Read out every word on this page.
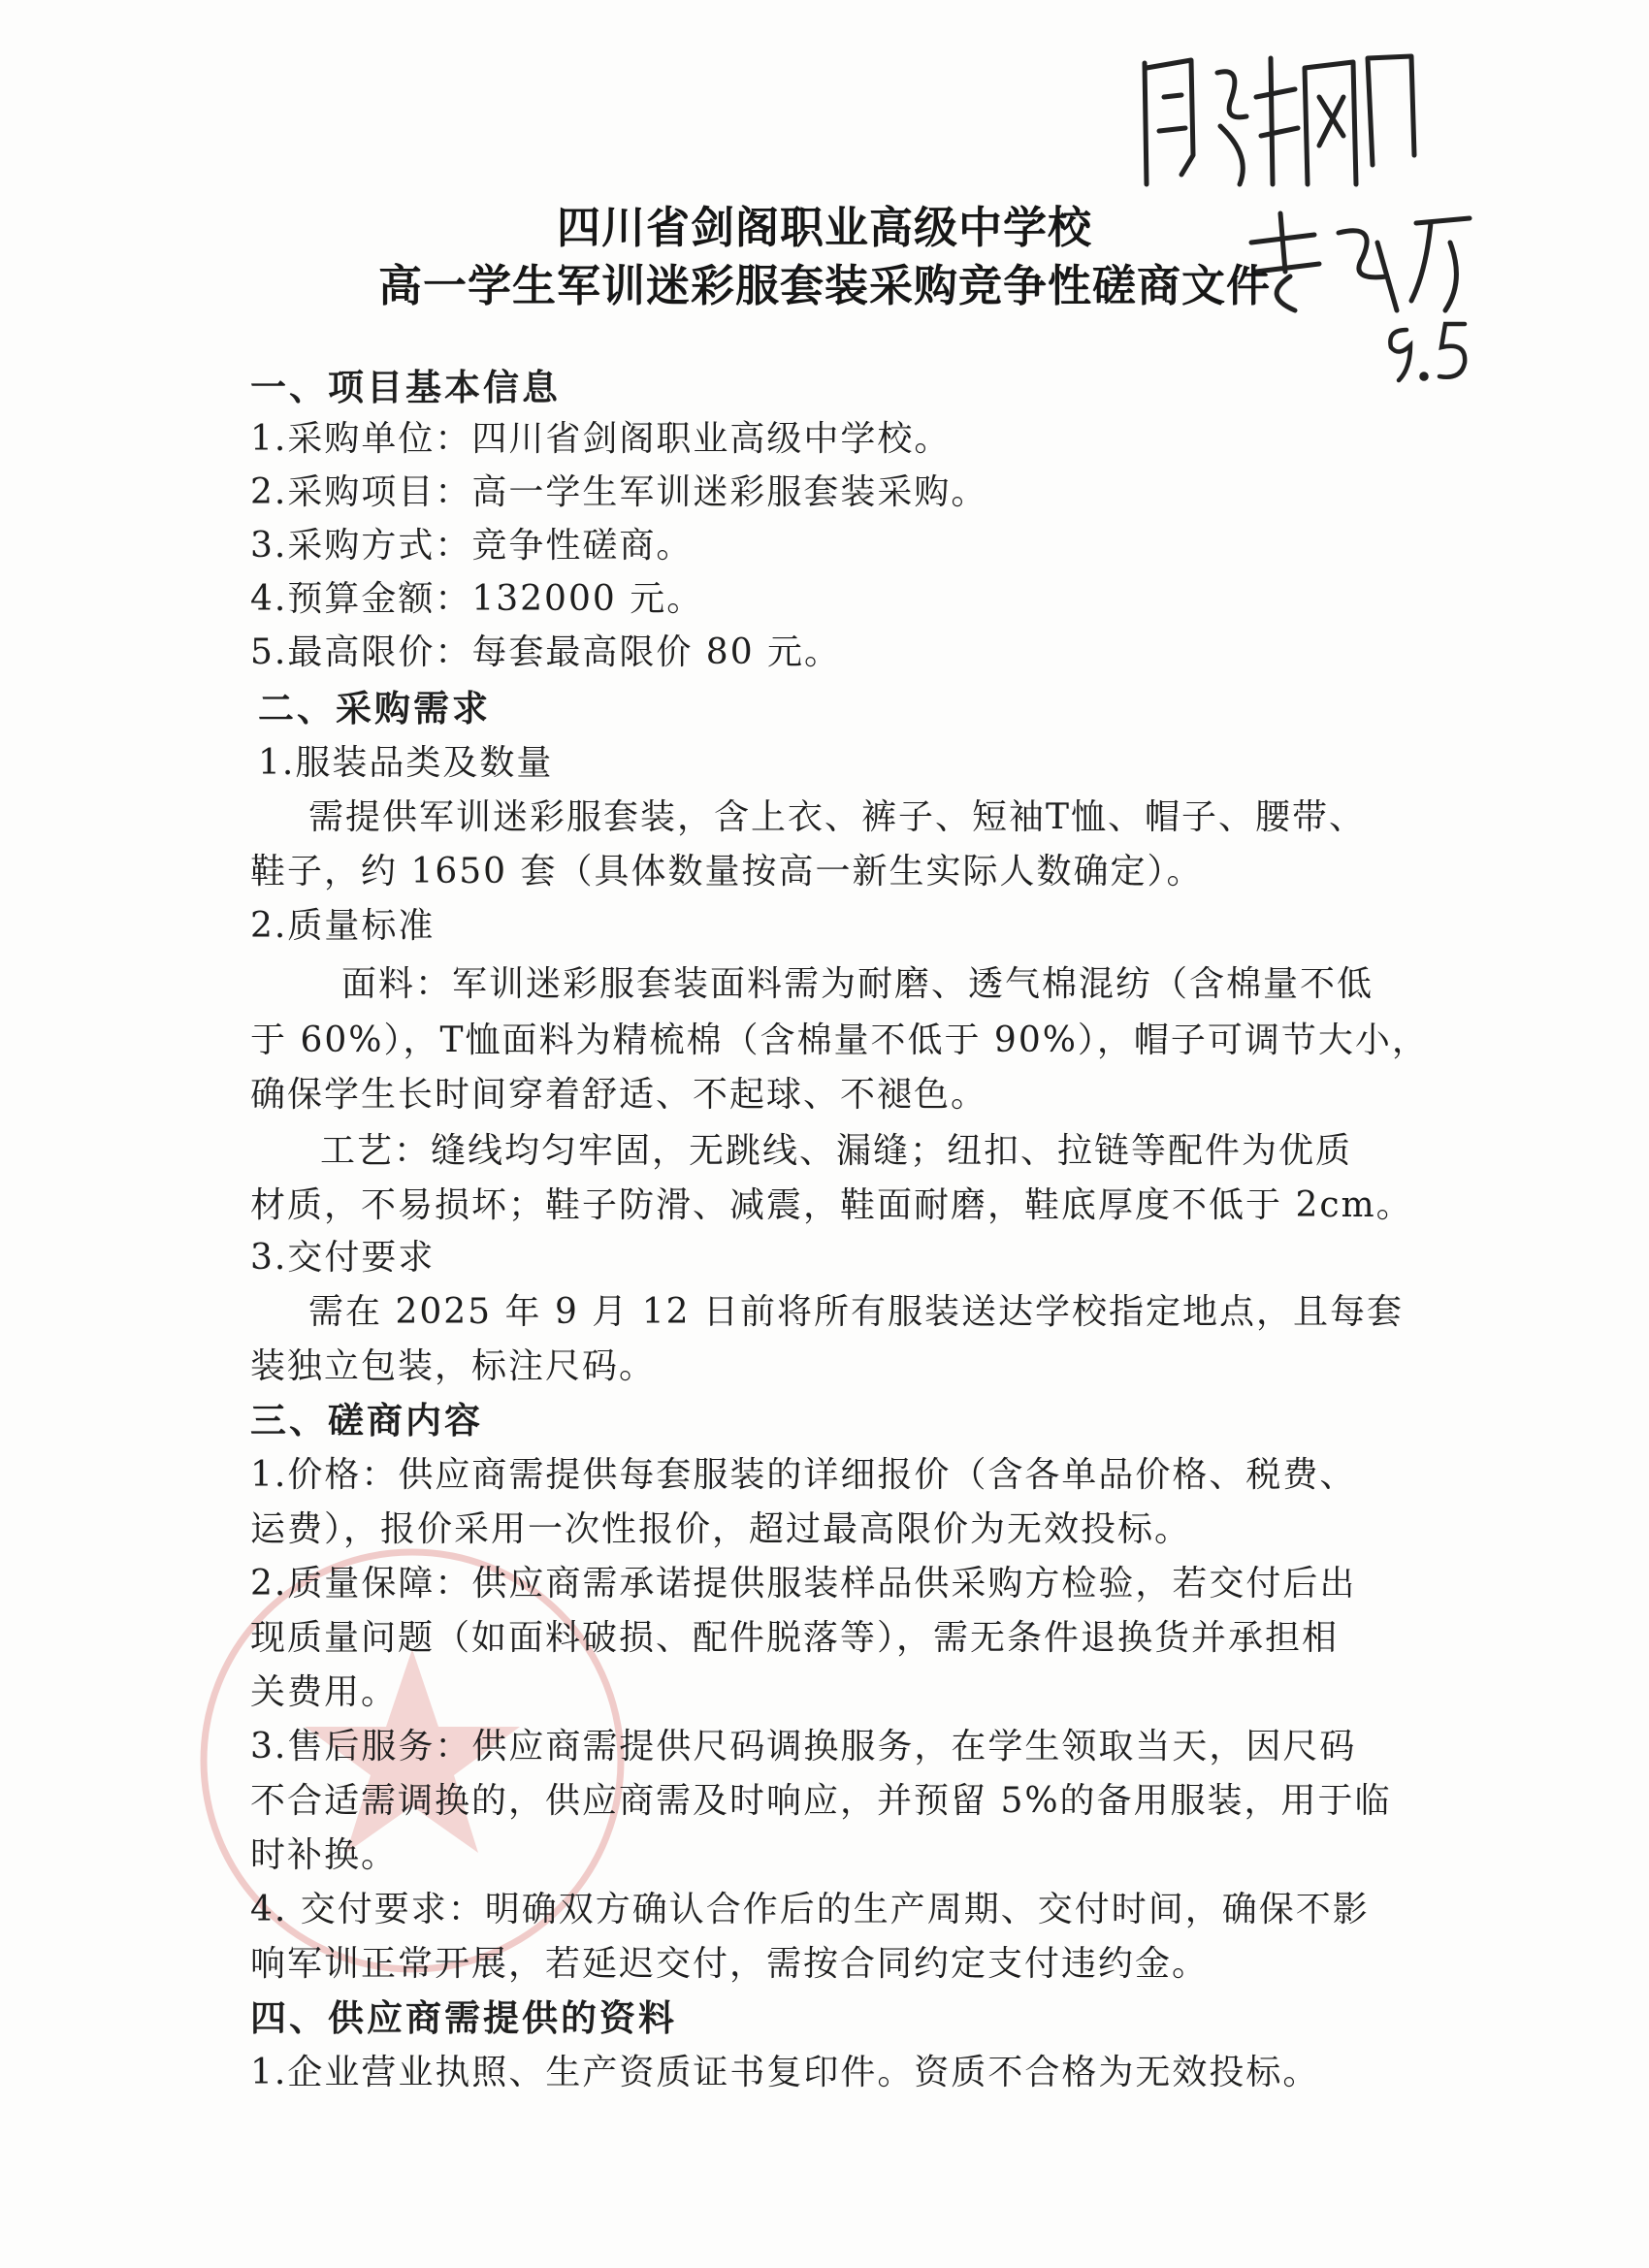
四川省剑阁职业高级中学校
高一学生军训迷彩服套装采购竞争性磋商文件
一、项目基本信息
1.采购单位：四川省剑阁职业高级中学校。
2.采购项目：高一学生军训迷彩服套装采购。
3.采购方式：竞争性磋商。
4.预算金额：132000 元。
5.最高限价：每套最高限价 80 元。
二、采购需求
1.服装品类及数量
需提供军训迷彩服套装，含上衣、裤子、短袖T恤、帽子、腰带、
鞋子，约 1650 套（具体数量按高一新生实际人数确定）。
2.质量标准
面料：军训迷彩服套装面料需为耐磨、透气棉混纺（含棉量不低
于 60%），T恤面料为精梳棉（含棉量不低于 90%），帽子可调节大小，
确保学生长时间穿着舒适、不起球、不褪色。
工艺：缝线均匀牢固，无跳线、漏缝；纽扣、拉链等配件为优质
材质，不易损坏；鞋子防滑、减震，鞋面耐磨，鞋底厚度不低于 2cm。
3.交付要求
需在 2025 年 9 月 12 日前将所有服装送达学校指定地点，且每套
装独立包装，标注尺码。
三、磋商内容
1.价格：供应商需提供每套服装的详细报价（含各单品价格、税费、
运费），报价采用一次性报价，超过最高限价为无效投标。
2.质量保障：供应商需承诺提供服装样品供采购方检验，若交付后出
现质量问题（如面料破损、配件脱落等），需无条件退换货并承担相
关费用。
3.售后服务：供应商需提供尺码调换服务，在学生领取当天，因尺码
不合适需调换的，供应商需及时响应，并预留 5%的备用服装，用于临
时补换。
4. 交付要求：明确双方确认合作后的生产周期、交付时间，确保不影
响军训正常开展，若延迟交付，需按合同约定支付违约金。
四、供应商需提供的资料
1.企业营业执照、生产资质证书复印件。资质不合格为无效投标。
